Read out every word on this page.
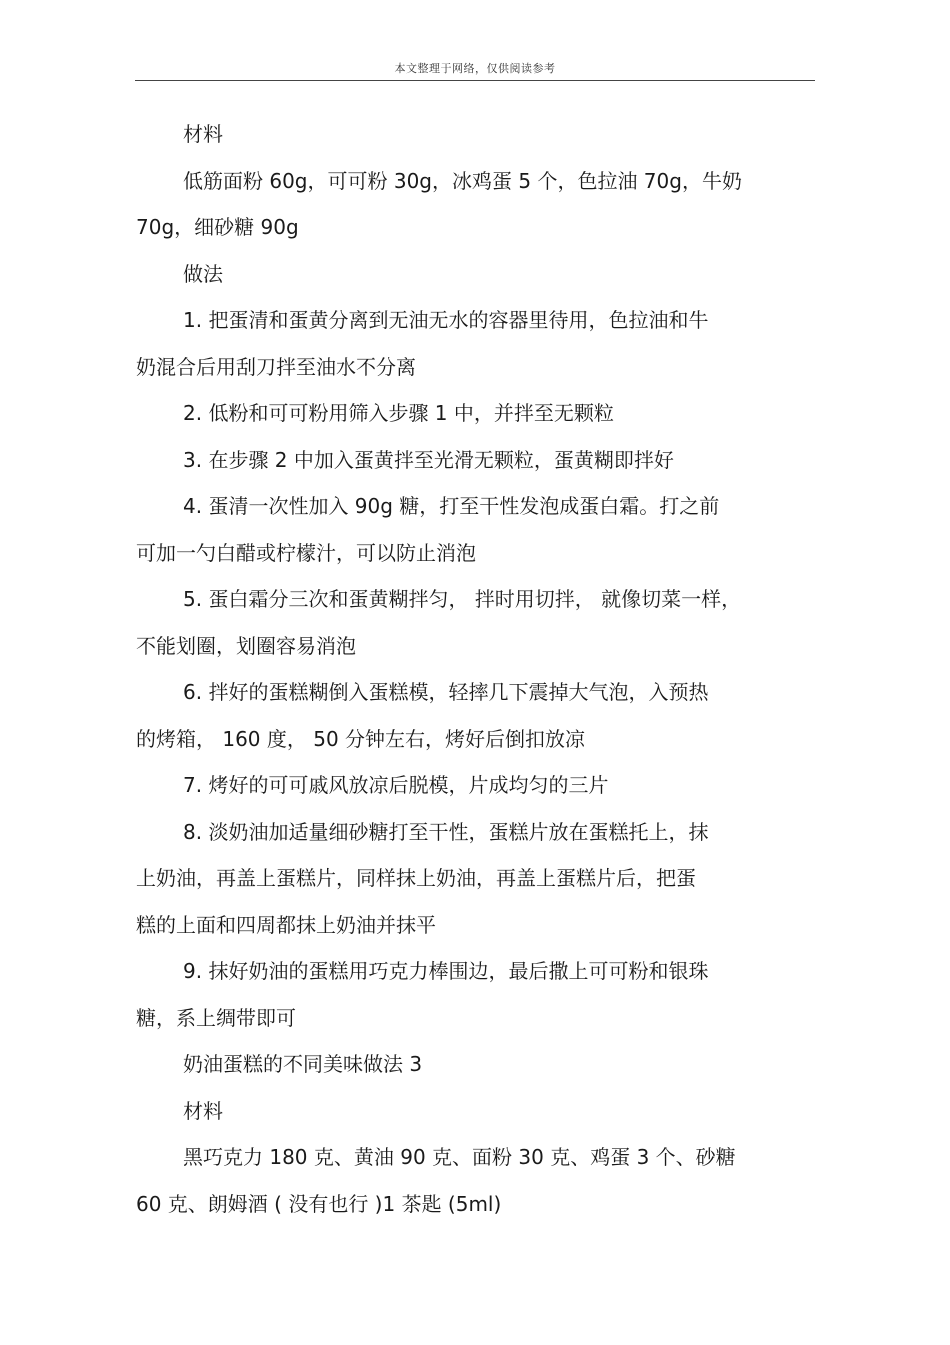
本文整理于网络，仅供阅读参考
材料
低筋面粉 60g，可可粉 30g，冰鸡蛋 5 个，色拉油 70g，牛奶
70g，细砂糖 90g
做法
1. 把蛋清和蛋黄分离到无油无水的容器里待用，色拉油和牛
奶混合后用刮刀拌至油水不分离
2. 低粉和可可粉用筛入步骤 1 中，并拌至无颗粒
3. 在步骤 2 中加入蛋黄拌至光滑无颗粒，蛋黄糊即拌好
4. 蛋清一次性加入 90g 糖，打至干性发泡成蛋白霜。打之前
可加一勺白醋或柠檬汁，可以防止消泡
5. 蛋白霜分三次和蛋黄糊拌匀， 拌时用切拌， 就像切菜一样，
不能划圈，划圈容易消泡
6. 拌好的蛋糕糊倒入蛋糕模，轻摔几下震掉大气泡，入预热
的烤箱， 160 度， 50 分钟左右，烤好后倒扣放凉
7. 烤好的可可戚风放凉后脱模，片成均匀的三片
8. 淡奶油加适量细砂糖打至干性，蛋糕片放在蛋糕托上，抹
上奶油，再盖上蛋糕片，同样抹上奶油，再盖上蛋糕片后，把蛋
糕的上面和四周都抹上奶油并抹平
9. 抹好奶油的蛋糕用巧克力棒围边，最后撒上可可粉和银珠
糖，系上绸带即可
奶油蛋糕的不同美味做法 3
材料
黑巧克力 180 克、黄油 90 克、面粉 30 克、鸡蛋 3 个、砂糖
60 克、朗姆酒 ( 没有也行 )1 茶匙 (5ml)
